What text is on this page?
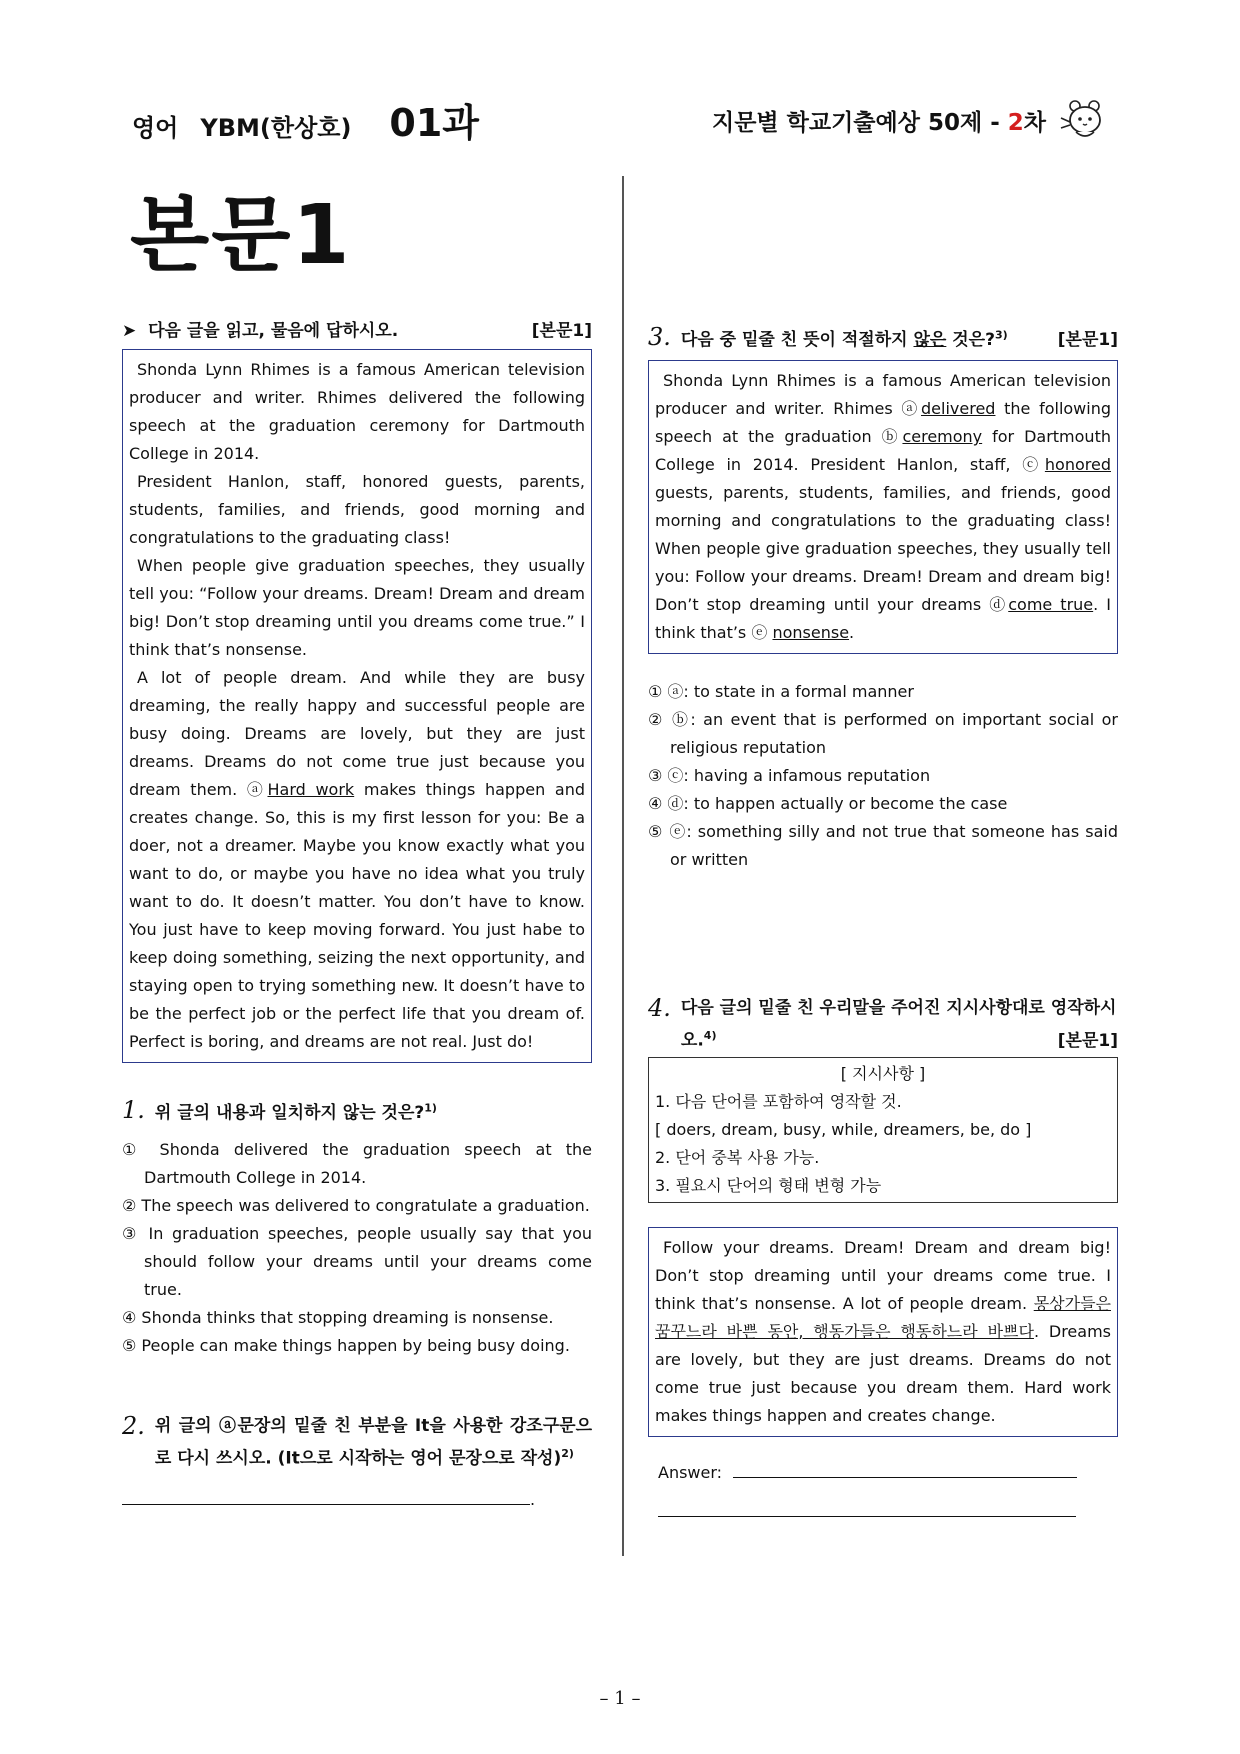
영어 YBM(한상호) 01과	지문별 학교기출예상 50제 - 2차
본문1
➤ 다음 글을 읽고, 물음에 답하시오.	[본문1]

Shonda Lynn Rhimes is a famous American television producer and writer. Rhimes delivered the following speech at the graduation ceremony for Dartmouth College in 2014.

President Hanlon, staff, honored guests, parents, students, families, and friends, good morning and congratulations to the graduating class!

When people give graduation speeches, they usually tell you: “Follow your dreams. Dream! Dream and dream big! Don’t stop dreaming until you dreams come true.” I think that’s nonsense.

A lot of people dream. And while they are busy dreaming, the really happy and successful people are busy doing. Dreams are lovely, but they are just dreams. Dreams do not come true just because you dream them. ⓐHard work makes things happen and creates change. So, this is my first lesson for you: Be a doer, not a dreamer. Maybe you know exactly what you want to do, or maybe you have no idea what you truly want to do. It doesn’t matter. You don’t have to know. You just have to keep moving forward. You just habe to keep doing something, seizing the next opportunity, and staying open to trying something new. It doesn’t have to be the perfect job or the perfect life that you dream of. Perfect is boring, and dreams are not real. Just do!

1. 위 글의 내용과 일치하지 않는 것은?$^{1)}$
① Shonda delivered the graduation speech at the Dartmouth College in 2014.
② The speech was delivered to congratulate a graduation.
③ In graduation speeches, people usually say that you should follow your dreams until your dreams come true.
④ Shonda thinks that stopping dreaming is nonsense.
⑤ People can make things happen by being busy doing.
2. 위 글의 ⓐ문장의 밑줄 친 부분을 It을 사용한 강조구문으로 다시 쓰시오. (It으로 시작하는 영어 문장으로 작성)$^{2)}$
.
3. 다음 중 밑줄 친 뜻이 적절하지 않은 것은?$^{3)}$	[본문1]
Shonda Lynn Rhimes is a famous American television producer and writer. Rhimes ⓐdelivered the following speech at the graduation ⓑceremony for Dartmouth College in 2014. President Hanlon, staff, ⓒhonored guests, parents, students, families, and friends, good morning and congratulations to the graduating class! When people give graduation speeches, they usually tell you: Follow your dreams. Dream! Dream and dream big! Don’t stop dreaming until your dreams ⓓcome true. I think that’s ⓔ nonsense.
① ⓐ: to state in a formal manner
② ⓑ: an event that is performed on important social or religious reputation
③ ⓒ: having a infamous reputation
④ ⓓ: to happen actually or become the case
⑤ ⓔ: something silly and not true that someone has said or written
4. 다음 글의 밑줄 친 우리말을 주어진 지시사항대로 영작하시오.$^{4)}$	[본문1]
[ 지시사항 ]
1. 다음 단어를 포함하여 영작할 것.
[ doers, dream, busy, while, dreamers, be, do ]
2. 단어 중복 사용 가능.
3. 필요시 단어의 형태 변형 가능

Follow your dreams. Dream! Dream and dream big! Don’t stop dreaming until your dreams come true. I think that’s nonsense. A lot of people dream. 몽상가들은 꿈꾸느라 바쁜 동안, 행동가들은 행동하느라 바쁘다. Dreams are lovely, but they are just dreams. Dreams do not come true just because you dream them. Hard work makes things happen and creates change.

Answer:
– 1 –
